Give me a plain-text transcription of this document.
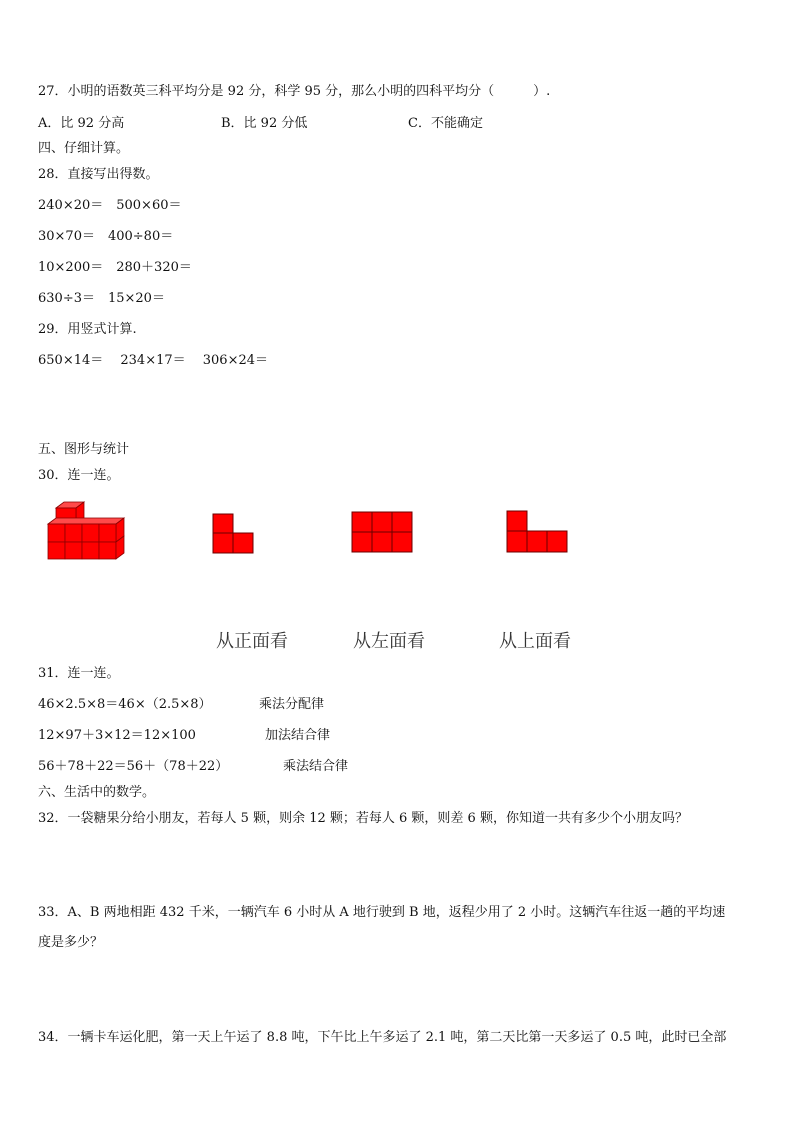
27．小明的语数英三科平均分是 92 分，科学 95 分，那么小明的四科平均分（　　　）.
A．比 92 分高	B．比 92 分低	C．不能确定
四、仔细计算。
28．直接写出得数。
240×20＝　500×60＝
30×70＝　400÷80＝
10×200＝　280＋320＝
630÷3＝　15×20＝
29．用竖式计算.
650×14＝　 234×17＝　 306×24＝
五、图形与统计
30．连一连。
从正面看	从左面看	从上面看
31．连一连。
46×2.5×8＝46×（2.5×8）	乘法分配律
12×97＋3×12＝12×100	加法结合律
56＋78＋22＝56＋（78＋22）	乘法结合律
六、生活中的数学。
32．一袋糖果分给小朋友，若每人 5 颗，则余 12 颗；若每人 6 颗，则差 6 颗，你知道一共有多少个小朋友吗？
33．A、B 两地相距 432 千米，一辆汽车 6 小时从 A 地行驶到 B 地，返程少用了 2 小时。这辆汽车往返一趟的平均速
度是多少？
34．一辆卡车运化肥，第一天上午运了 8.8 吨，下午比上午多运了 2.1 吨，第二天比第一天多运了 0.5 吨，此时已全部
